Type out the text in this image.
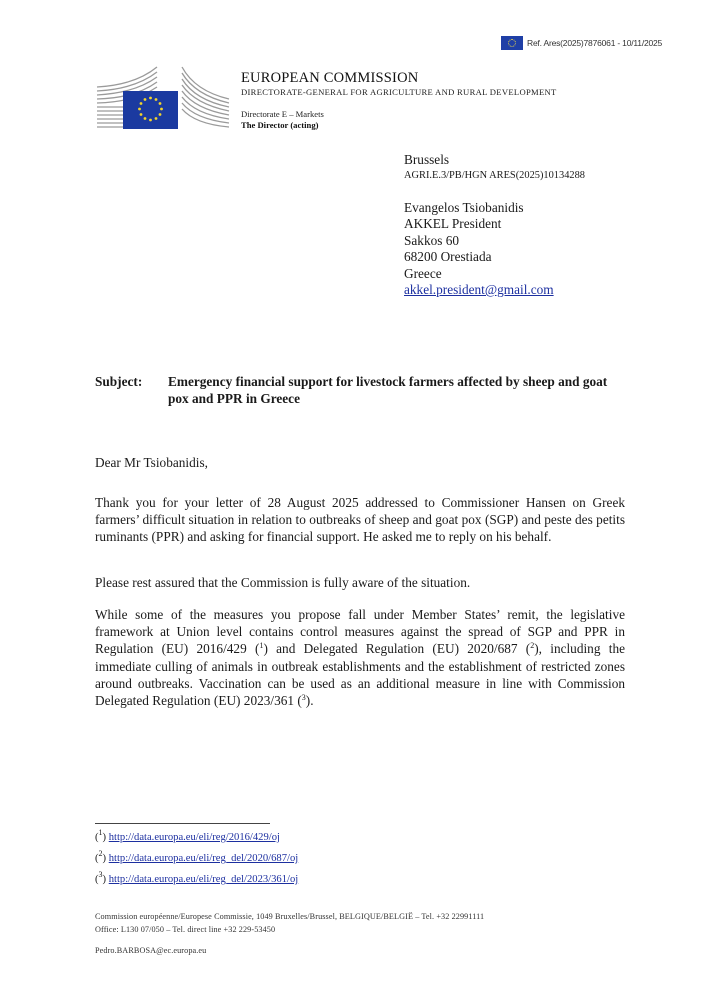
Ref. Ares(2025)7876061 - 10/11/2025
EUROPEAN COMMISSION
DIRECTORATE-GENERAL FOR AGRICULTURE AND RURAL DEVELOPMENT
Directorate E – Markets
The Director (acting)
Brussels
AGRI.E.3/PB/HGN ARES(2025)10134288
Evangelos Tsiobanidis
AKKEL President
Sakkos 60
68200 Orestiada
Greece
akkel.president@gmail.com
Subject: Emergency financial support for livestock farmers affected by sheep and goat pox and PPR in Greece
Dear Mr Tsiobanidis,
Thank you for your letter of 28 August 2025 addressed to Commissioner Hansen on Greek farmers’ difficult situation in relation to outbreaks of sheep and goat pox (SGP) and peste des petits ruminants (PPR) and asking for financial support. He asked me to reply on his behalf.
Please rest assured that the Commission is fully aware of the situation.
While some of the measures you propose fall under Member States’ remit, the legislative framework at Union level contains control measures against the spread of SGP and PPR in Regulation (EU) 2016/429 ($^1$) and Delegated Regulation (EU) 2020/687 ($^2$), including the immediate culling of animals in outbreak establishments and the establishment of restricted zones around outbreaks. Vaccination can be used as an additional measure in line with Commission Delegated Regulation (EU) 2023/361 ($^3$).
($^1$) http://data.europa.eu/eli/reg/2016/429/oj
($^2$) http://data.europa.eu/eli/reg_del/2020/687/oj
($^3$) http://data.europa.eu/eli/reg_del/2023/361/oj
Commission européenne/Europese Commissie, 1049 Bruxelles/Brussel, BELGIQUE/BELGIË – Tel. +32 22991111
Office: L130 07/050 – Tel. direct line +32 229-53450
Pedro.BARBOSA@ec.europa.eu
